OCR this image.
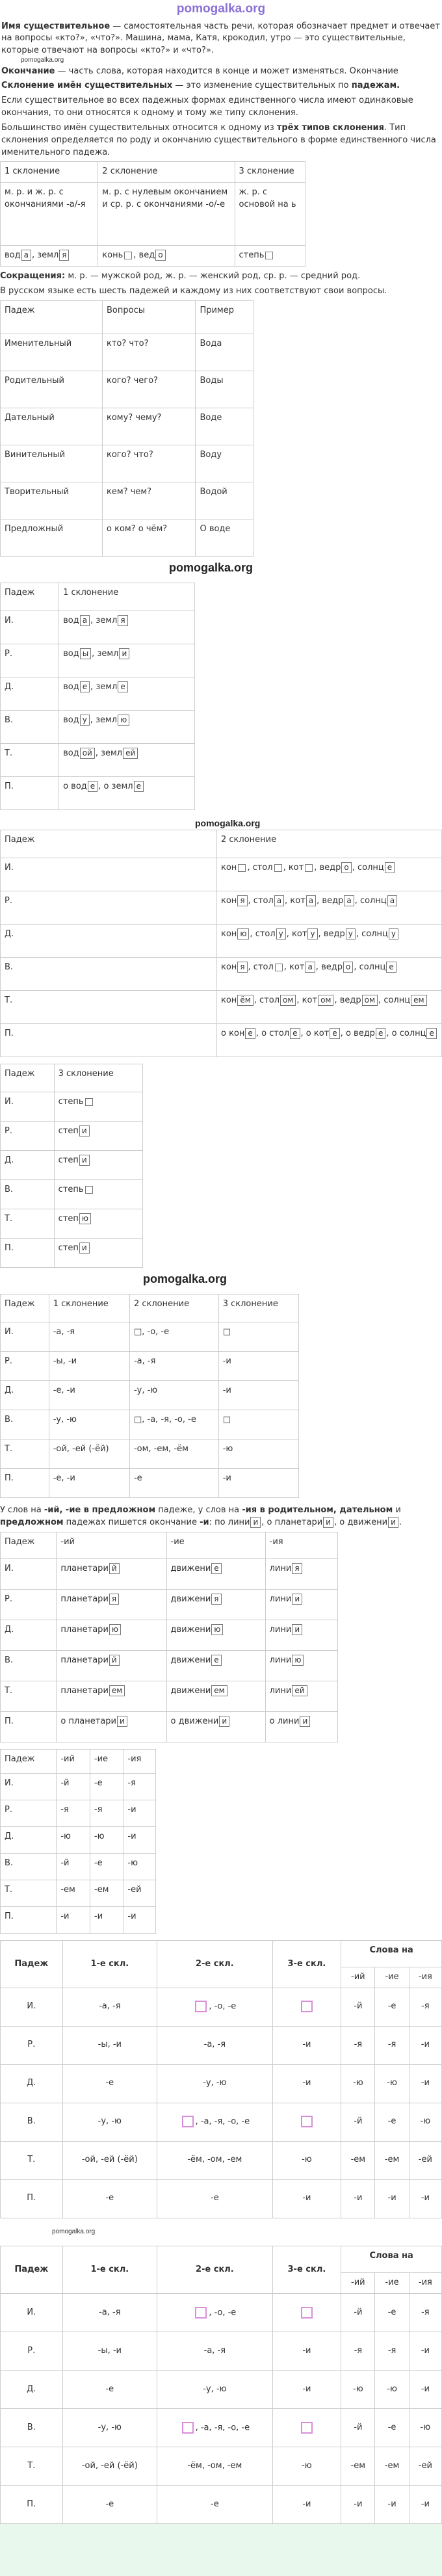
pomogalka.org

Имя существительное — самостоятельная часть речи, которая обозначает предмет и отвечает на вопросы «кто?», «что?». Машина, мама, Катя, крокодил, утро — это существительные, которые отвечают на вопросы «кто?» и «что?».

pomogalka.org

Окончание — часть слова, которая находится в конце и может изменяться. Окончание

Склонение имён существительных — это изменение существительных по падежам.

Если существительное во всех падежных формах единственного числа имеют одинаковые окончания, то они относятся к одному и тому же типу склонения.

Большинство имён существительных относится к одному из трёх типов склонения. Тип склонения определяется по роду и окончанию существительного в форме единственного числа именительного падежа.

1 склонение	2 склонение	3 склонение
м. р. и ж. р. с окончаниями -а/-я	м. р. с нулевым окончанием и ср. р. с окончаниями -о/-е	ж. р. с основой на ь
вод а , земл я	конь , вед о	степь

Сокращения: м. р. — мужской род, ж. р. — женский род, ср. р. — средний род.

В русском языке есть шесть падежей и каждому из них соответствуют свои вопросы.

Падеж	Вопросы	Пример
Именительный	кто? что?	Вода
Родительный	кого? чего?	Воды
Дательный	кому? чему?	Воде
Винительный	кого? что?	Воду
Творительный	кем? чем?	Водой
Предложный	о ком? о чём?	О воде
pomogalka.org
Падеж	1 склонение
И.	вод а , земл я
Р.	вод ы , земл и
Д.	вод е , земл е
В.	вод у , земл ю
Т.	вод ой , земл ей
П.	о вод е , о земл е
pomogalka.org
Падеж	2 склонение
И.	кон , стол , кот , ведр о , солнц е
Р.	кон я , стол а , кот а , ведр а , солнц а
Д.	кон ю , стол у , кот у , ведр у , солнц у
В.	кон я , стол , кот а , ведр о , солнц е
Т.	кон ём , стол ом , кот ом , ведр ом , солнц ем
П.	о кон е , о стол е , о кот е , о ведр е , о солнц е
Падеж	3 склонение
И.	степь
Р.	степ и
Д.	степ и
В.	степь
Т.	степ ю
П.	степ и
pomogalka.org
Падеж	1 склонение	2 склонение	3 склонение
И.	-а, -я	□, -о, -е	□
Р.	-ы, -и	-а, -я	-и
Д.	-е, -и	-у, -ю	-и
В.	-у, -ю	□, -а, -я, -о, -е	□
Т.	-ой, -ей (-ёй)	-ом, -ем, -ём	-ю
П.	-е, -и	-е	-и

У слов на -ий, -ие в предложном падеже, у слов на -ия в родительном, дательном и предложном падежах пишется окончание -и: по лини и , о планетари и , о движени и .

Падеж	-ий	-ие	-ия
И.	планетари й	движени е	лини я
Р.	планетари я	движени я	лини и
Д.	планетари ю	движени ю	лини и
В.	планетари й	движени е	лини ю
Т.	планетари ем	движени ем	лини ей
П.	о планетари и	о движени и	о лини и
Падеж	-ий	-ие	-ия
И.	-й	-е	-я
Р.	-я	-я	-и
Д.	-ю	-ю	-и
В.	-й	-е	-ю
Т.	-ем	-ем	-ей
П.	-и	-и	-и
Падеж	1-е скл.	2-е скл.	3-е скл.	Слова на		
				-ий	-ие	-ия
И.	-а, -я	, -о, -е		-й	-е	-я
Р.	-ы, -и	-а, -я	-и	-я	-я	-и
Д.	-е	-у, -ю	-и	-ю	-ю	-и
В.	-у, -ю	, -а, -я, -о, -е		-й	-е	-ю
Т.	-ой, -ей (-ёй)	-ём, -ом, -ем	-ю	-ем	-ем	-ей
П.	-е	-е	-и	-и	-и	-и
pomogalka.org
Падеж	1-е скл.	2-е скл.	3-е скл.	Слова на		
				-ий	-ие	-ия
И.	-а, -я	, -о, -е		-й	-е	-я
Р.	-ы, -и	-а, -я	-и	-я	-я	-и
Д.	-е	-у, -ю	-и	-ю	-ю	-и
В.	-у, -ю	, -а, -я, -о, -е		-й	-е	-ю
Т.	-ой, -ей (-ёй)	-ём, -ом, -ем	-ю	-ем	-ем	-ей
П.	-е	-е	-и	-и	-и	-и
